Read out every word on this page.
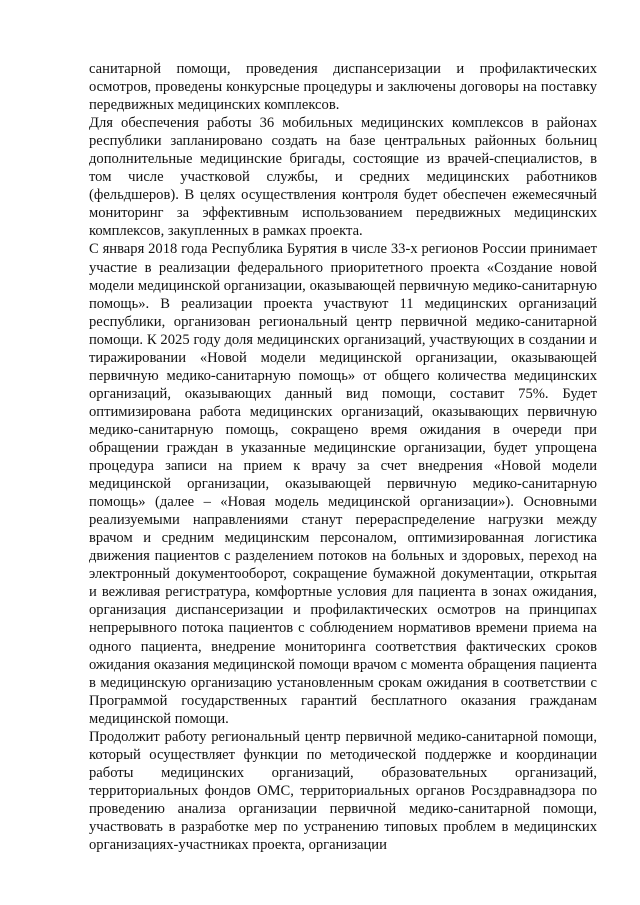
санитарной помощи, проведения диспансеризации и профилактических осмотров, проведены конкурсные процедуры и заключены договоры на поставку передвижных медицинских комплексов.

Для обеспечения работы 36 мобильных медицинских комплексов в районах республики запланировано создать на базе центральных районных больниц дополнительные медицинские бригады, состоящие из врачей-специалистов, в том числе участковой службы, и средних медицинских работников (фельдшеров). В целях осуществления контроля будет обеспечен ежемесячный мониторинг за эффективным использованием передвижных медицинских комплексов, закупленных в рамках проекта.

С января 2018 года Республика Бурятия в числе 33-х регионов России принимает участие в реализации федерального приоритетного проекта «Создание новой модели медицинской организации, оказывающей первичную медико-санитарную помощь». В реализации проекта участвуют 11 медицинских организаций республики, организован региональный центр первичной медико-санитарной помощи. К 2025 году доля медицинских организаций, участвующих в создании и тиражировании «Новой модели медицинской организации, оказывающей первичную медико-санитарную помощь» от общего количества медицинских организаций, оказывающих данный вид помощи, составит 75%. Будет оптимизирована работа медицинских организаций, оказывающих первичную медико-санитарную помощь, сокращено время ожидания в очереди при обращении граждан в указанные медицинские организации, будет упрощена процедура записи на прием к врачу за счет внедрения «Новой модели медицинской организации, оказывающей первичную медико-санитарную помощь» (далее – «Новая модель медицинской организации»). Основными реализуемыми направлениями станут перераспределение нагрузки между врачом и средним медицинским персоналом, оптимизированная логистика движения пациентов с разделением потоков на больных и здоровых, переход на электронный документооборот, сокращение бумажной документации, открытая и вежливая регистратура, комфортные условия для пациента в зонах ожидания, организация диспансеризации и профилактических осмотров на принципах непрерывного потока пациентов с соблюдением нормативов времени приема на одного пациента, внедрение мониторинга соответствия фактических сроков ожидания оказания медицинской помощи врачом с момента обращения пациента в медицинскую организацию установленным срокам ожидания в соответствии с Программой государственных гарантий бесплатного оказания гражданам медицинской помощи.

Продолжит работу региональный центр первичной медико-санитарной помощи, который осуществляет функции по методической поддержке и координации работы медицинских организаций, образовательных организаций, территориальных фондов ОМС, территориальных органов Росздравнадзора по проведению анализа организации первичной медико-санитарной помощи, участвовать в разработке мер по устранению типовых проблем в медицинских организациях-участниках проекта, организации
